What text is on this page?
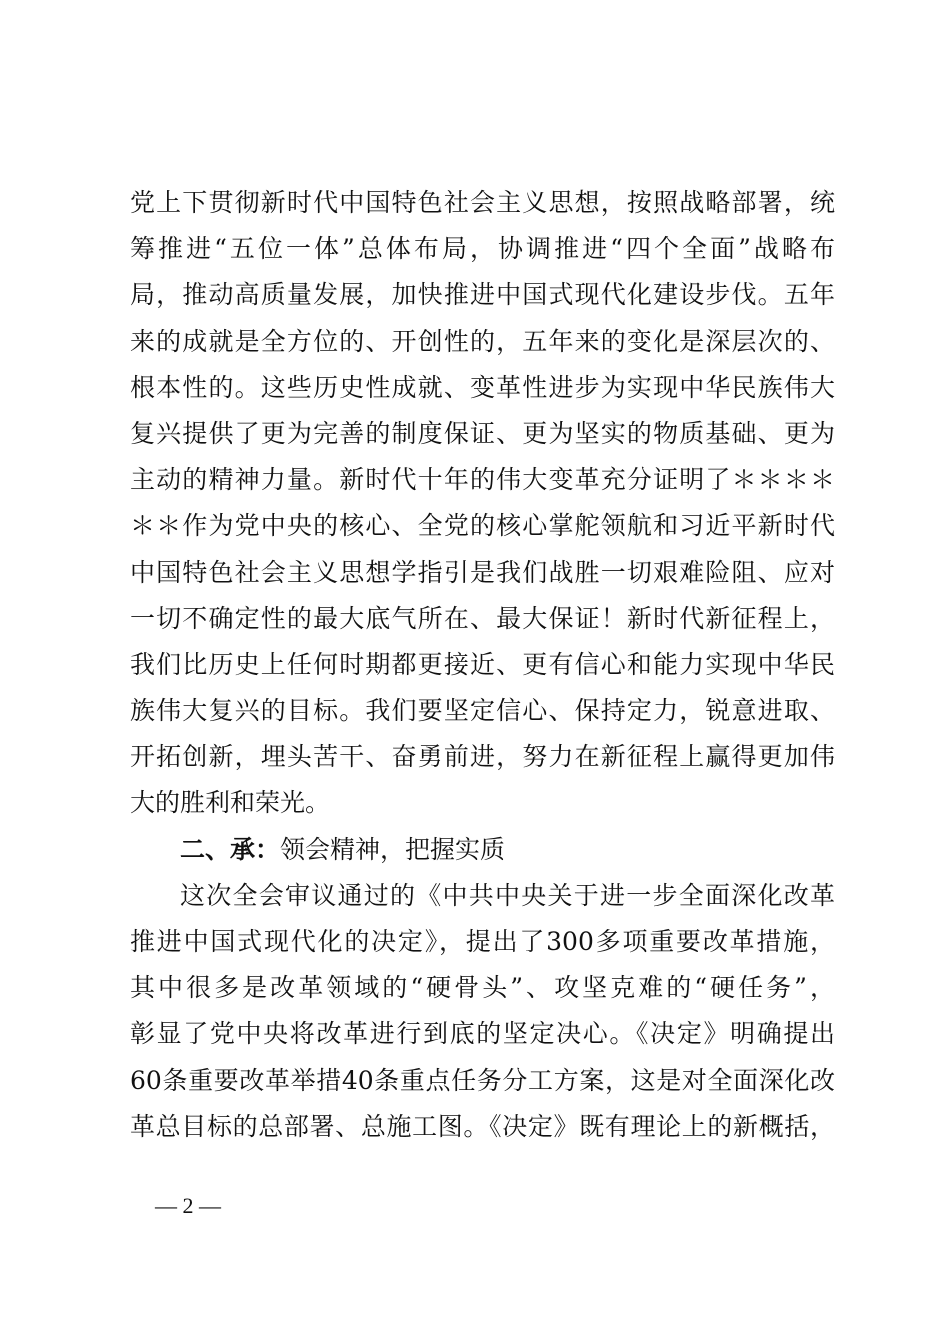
党上下贯彻新时代中国特色社会主义思想，按照战略部署，统
筹推进“五位一体”总体布局，协调推进“四个全面”战略布
局，推动高质量发展，加快推进中国式现代化建设步伐。五年
来的成就是全方位的、开创性的，五年来的变化是深层次的、
根本性的。这些历史性成就、变革性进步为实现中华民族伟大
复兴提供了更为完善的制度保证、更为坚实的物质基础、更为
主动的精神力量。新时代十年的伟大变革充分证明了＊＊＊＊
＊＊作为党中央的核心、全党的核心掌舵领航和习近平新时代
中国特色社会主义思想学指引是我们战胜一切艰难险阻、应对
一切不确定性的最大底气所在、最大保证！新时代新征程上，
我们比历史上任何时期都更接近、更有信心和能力实现中华民
族伟大复兴的目标。我们要坚定信心、保持定力，锐意进取、
开拓创新，埋头苦干、奋勇前进，努力在新征程上赢得更加伟
大的胜利和荣光。
二、承：领会精神，把握实质
这次全会审议通过的《中共中央关于进一步全面深化改革
推进中国式现代化的决定》，提出了300多项重要改革措施，
其中很多是改革领域的“硬骨头”、攻坚克难的“硬任务”，
彰显了党中央将改革进行到底的坚定决心。《决定》明确提出
60条重要改革举措40条重点任务分工方案，这是对全面深化改
革总目标的总部署、总施工图。《决定》既有理论上的新概括，
— 2 —
